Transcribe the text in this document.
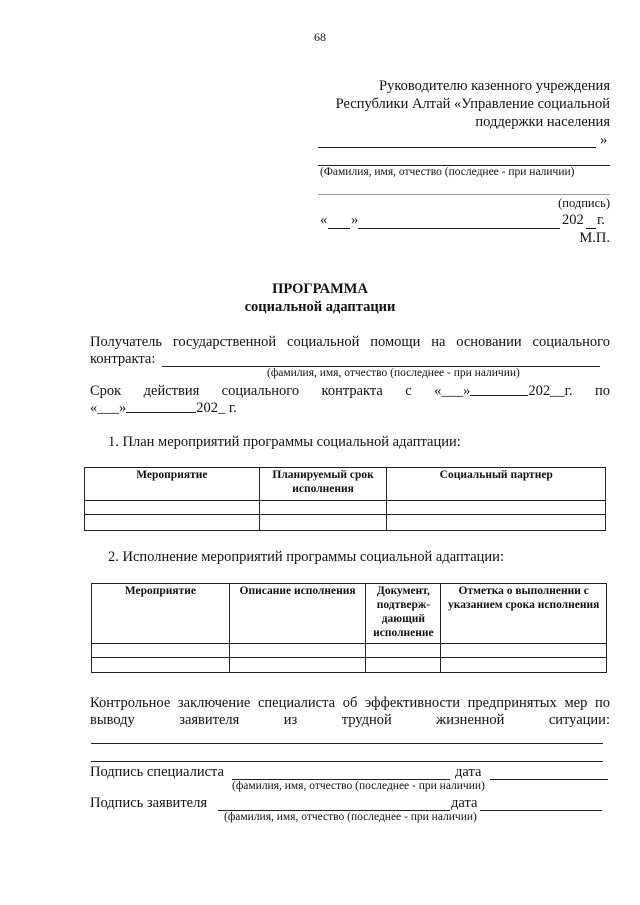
68
Руководителю казенного учреждения
Республики Алтай «Управление социальной
поддержки населения
»
(Фамилия, имя, отчество (последнее - при наличии)
(подпись)
« »	202 г.
М.П.
ПРОГРАММА
социальной адаптации
Получатель государственной социальной помощи на основании социального
контракта:
(фамилия, имя, отчество (последнее - при наличии)
Срок действия социального контракта с «___»	202__г. по
«___»	202_ г.
1. План мероприятий программы социальной адаптации:
Мероприятие	Планируемый срок исполнения	Социальный партнер

2. Исполнение мероприятий программы социальной адаптации:
Мероприятие	Описание исполнения	Документ, подтверж-дающий исполнение	Отметка о выполнении с указанием срока исполнения

Контрольное заключение специалиста об эффективности предпринятых мер по
выводу	заявителя	из	трудной	жизненной	ситуации:
Подпись специалиста	дата
(фамилия, имя, отчество (последнее - при наличии)
Подпись заявителя	дата
(фамилия, имя, отчество (последнее - при наличии)
